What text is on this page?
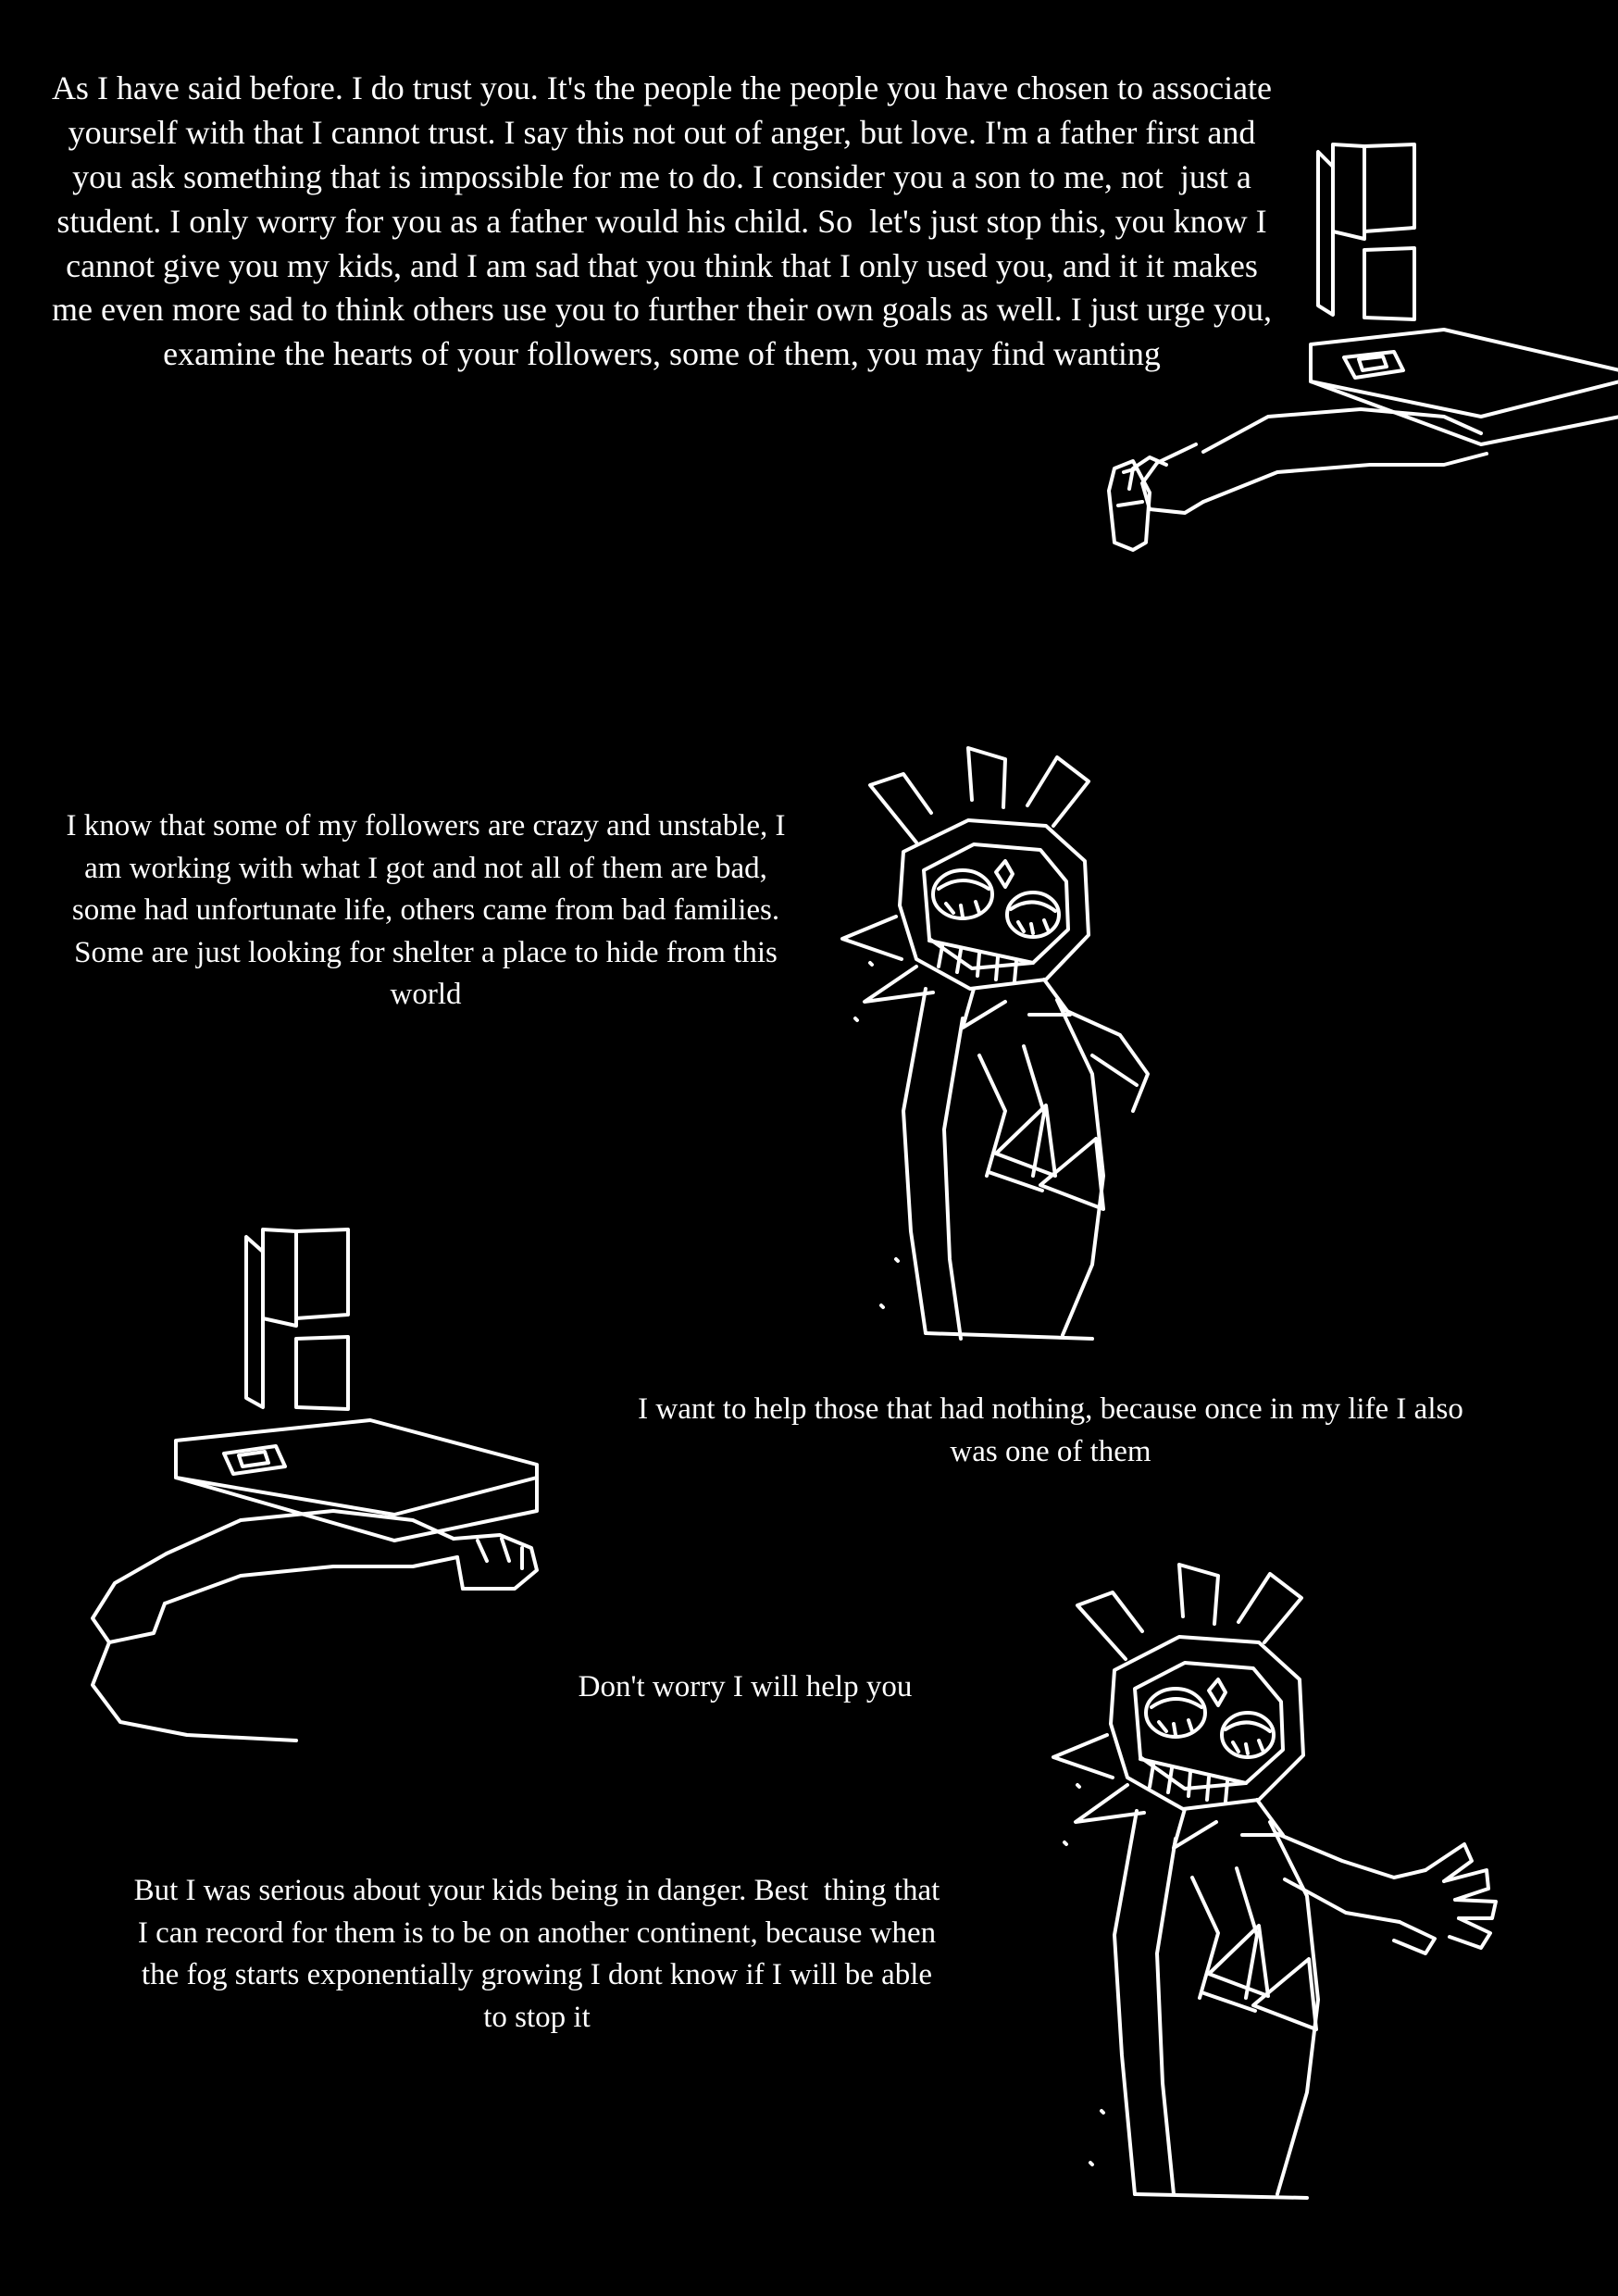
As I have said before. I do trust you. It's the people the people you have chosen to associate yourself with that I cannot trust. I say this not out of anger, but love. I'm a father first and you ask something that is impossible for me to do. I consider you a son to me, not  just a student. I only worry for you as a father would his child. So  let's just stop this, you know I cannot give you my kids, and I am sad that you think that I only used you, and it it makes me even more sad to think others use you to further their own goals as well. I just urge you, examine the hearts of your followers, some of them, you may find wanting
I know that some of my followers are crazy and unstable, I am working with what I got and not all of them are bad, some had unfortunate life, others came from bad families. Some are just looking for shelter a place to hide from this world
I want to help those that had nothing, because once in my life I also was one of them
Don't worry I will help you
But I was serious about your kids being in danger. Best  thing that I can record for them is to be on another continent, because when the fog starts exponentially growing I dont know if I will be able to stop it
